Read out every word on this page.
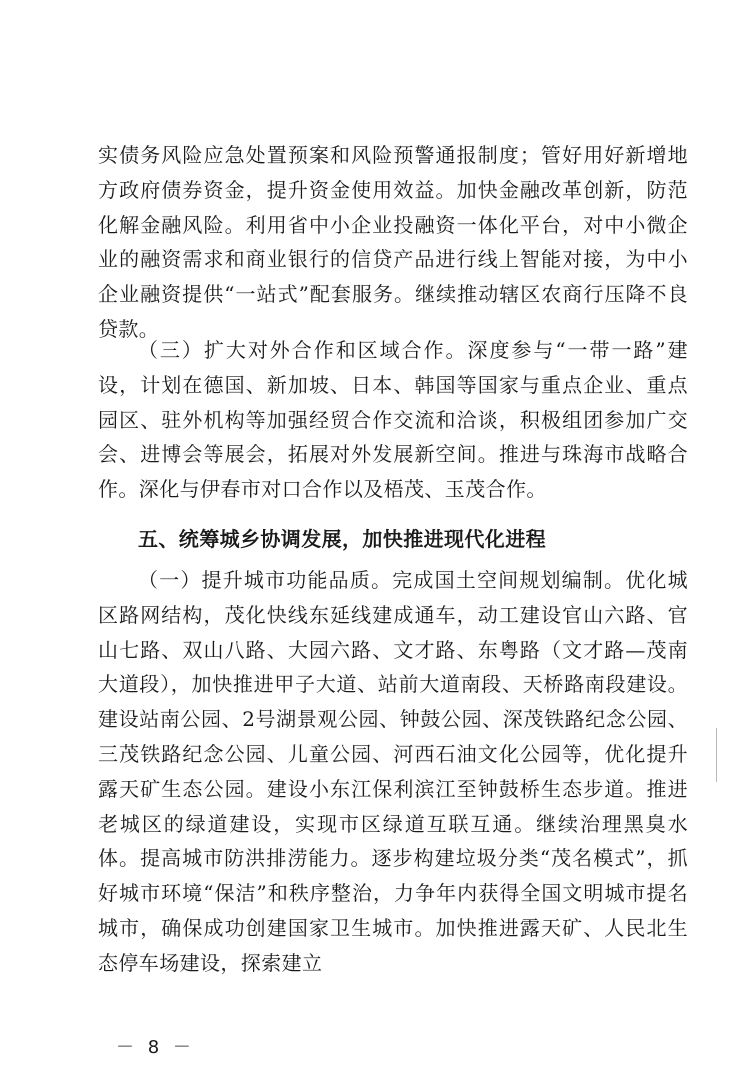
实债务风险应急处置预案和风险预警通报制度；管好用好新增地方政府债券资金，提升资金使用效益。加快金融改革创新，防范化解金融风险。利用省中小企业投融资一体化平台，对中小微企业的融资需求和商业银行的信贷产品进行线上智能对接，为中小企业融资提供“一站式”配套服务。继续推动辖区农商行压降不良贷款。

（三）扩大对外合作和区域合作。深度参与“一带一路”建设，计划在德国、新加坡、日本、韩国等国家与重点企业、重点园区、驻外机构等加强经贸合作交流和洽谈，积极组团参加广交会、进博会等展会，拓展对外发展新空间。推进与珠海市战略合作。深化与伊春市对口合作以及梧茂、玉茂合作。

五、统筹城乡协调发展，加快推进现代化进程

（一）提升城市功能品质。完成国土空间规划编制。优化城区路网结构，茂化快线东延线建成通车，动工建设官山六路、官山七路、双山八路、大园六路、文才路、东粤路（文才路—茂南大道段），加快推进甲子大道、站前大道南段、天桥路南段建设。建设站南公园、2号湖景观公园、钟鼓公园、深茂铁路纪念公园、三茂铁路纪念公园、儿童公园、河西石油文化公园等，优化提升露天矿生态公园。建设小东江保利滨江至钟鼓桥生态步道。推进老城区的绿道建设，实现市区绿道互联互通。继续治理黑臭水体。提高城市防洪排涝能力。逐步构建垃圾分类“茂名模式”，抓好城市环境“保洁”和秩序整治，力争年内获得全国文明城市提名城市，确保成功创建国家卫生城市。加快推进露天矿、人民北生态停车场建设，探索建立

－ 8 －
